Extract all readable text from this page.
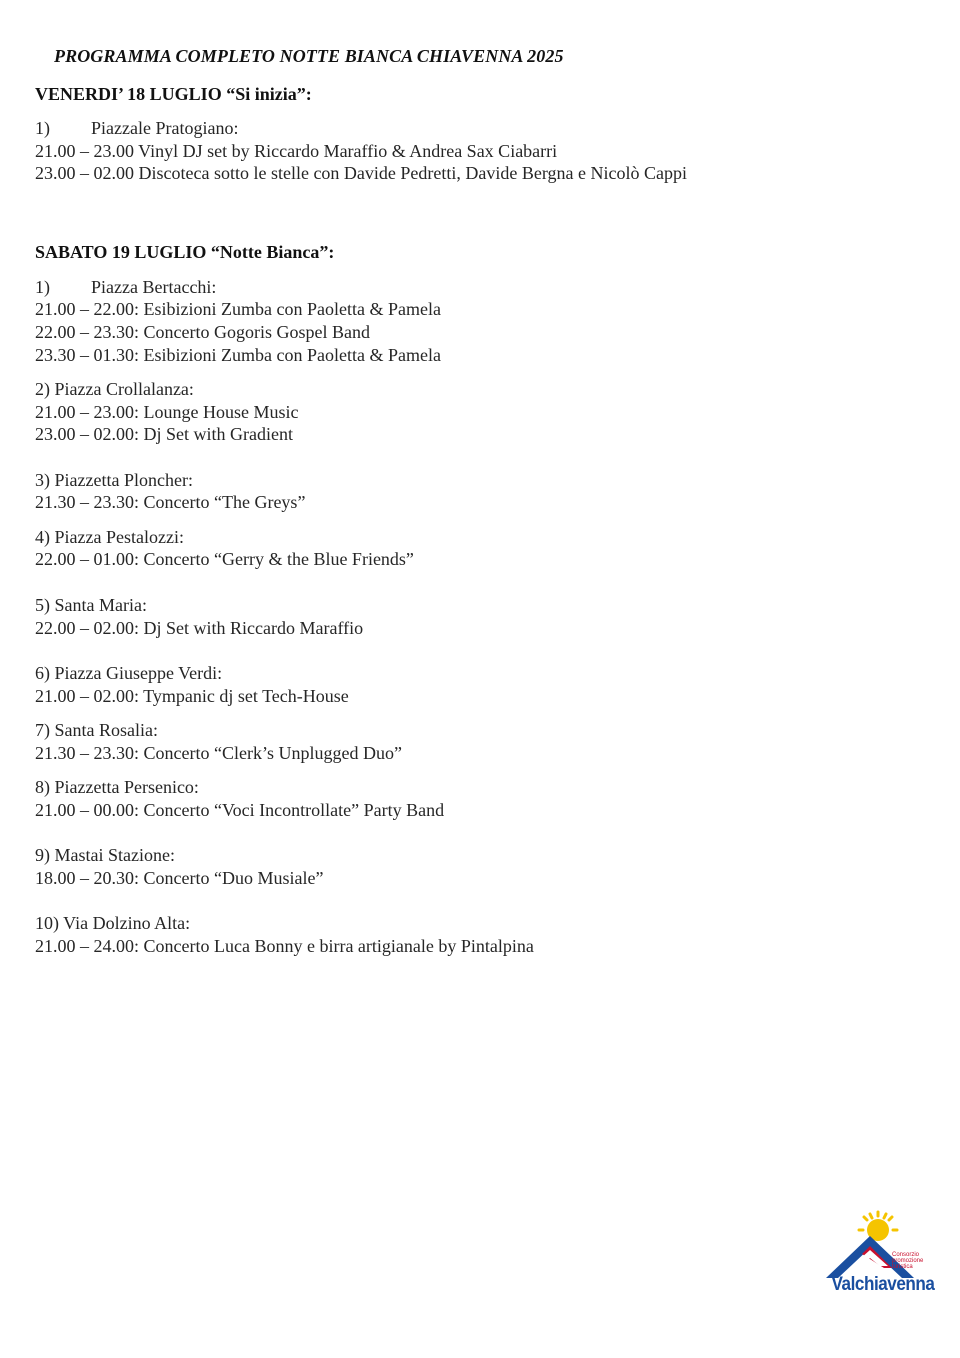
PROGRAMMA COMPLETO NOTTE BIANCA CHIAVENNA 2025
VENERDI’ 18 LUGLIO “Si inizia”:
1) Piazzale Pratogiano:
21.00 – 23.00 Vinyl DJ set by Riccardo Maraffio & Andrea Sax Ciabarri
23.00 – 02.00 Discoteca sotto le stelle con Davide Pedretti, Davide Bergna e Nicolò Cappi
SABATO 19 LUGLIO “Notte Bianca”:
1) Piazza Bertacchi:
21.00 – 22.00: Esibizioni Zumba con Paoletta & Pamela
22.00 – 23.30: Concerto Gogoris Gospel Band
23.30 – 01.30: Esibizioni Zumba con Paoletta & Pamela
2) Piazza Crollalanza:
21.00 – 23.00: Lounge House Music
23.00 – 02.00: Dj Set with Gradient
3) Piazzetta Ploncher:
21.30 – 23.30: Concerto “The Greys”
4) Piazza Pestalozzi:
22.00 – 01.00: Concerto “Gerry & the Blue Friends”
5) Santa Maria:
22.00 – 02.00: Dj Set with Riccardo Maraffio
6) Piazza Giuseppe Verdi:
21.00 – 02.00: Tympanic dj set Tech-House
7) Santa Rosalia:
21.30 – 23.30: Concerto “Clerk’s Unplugged Duo”
8) Piazzetta Persenico:
21.00 – 00.00: Concerto “Voci Incontrollate” Party Band
9) Mastai Stazione:
18.00 – 20.30: Concerto “Duo Musiale”
10) Via Dolzino Alta:
21.00 – 24.00: Concerto Luca Bonny e birra artigianale by Pintalpina
Consorzio promozione turistica
Valchiavenna
